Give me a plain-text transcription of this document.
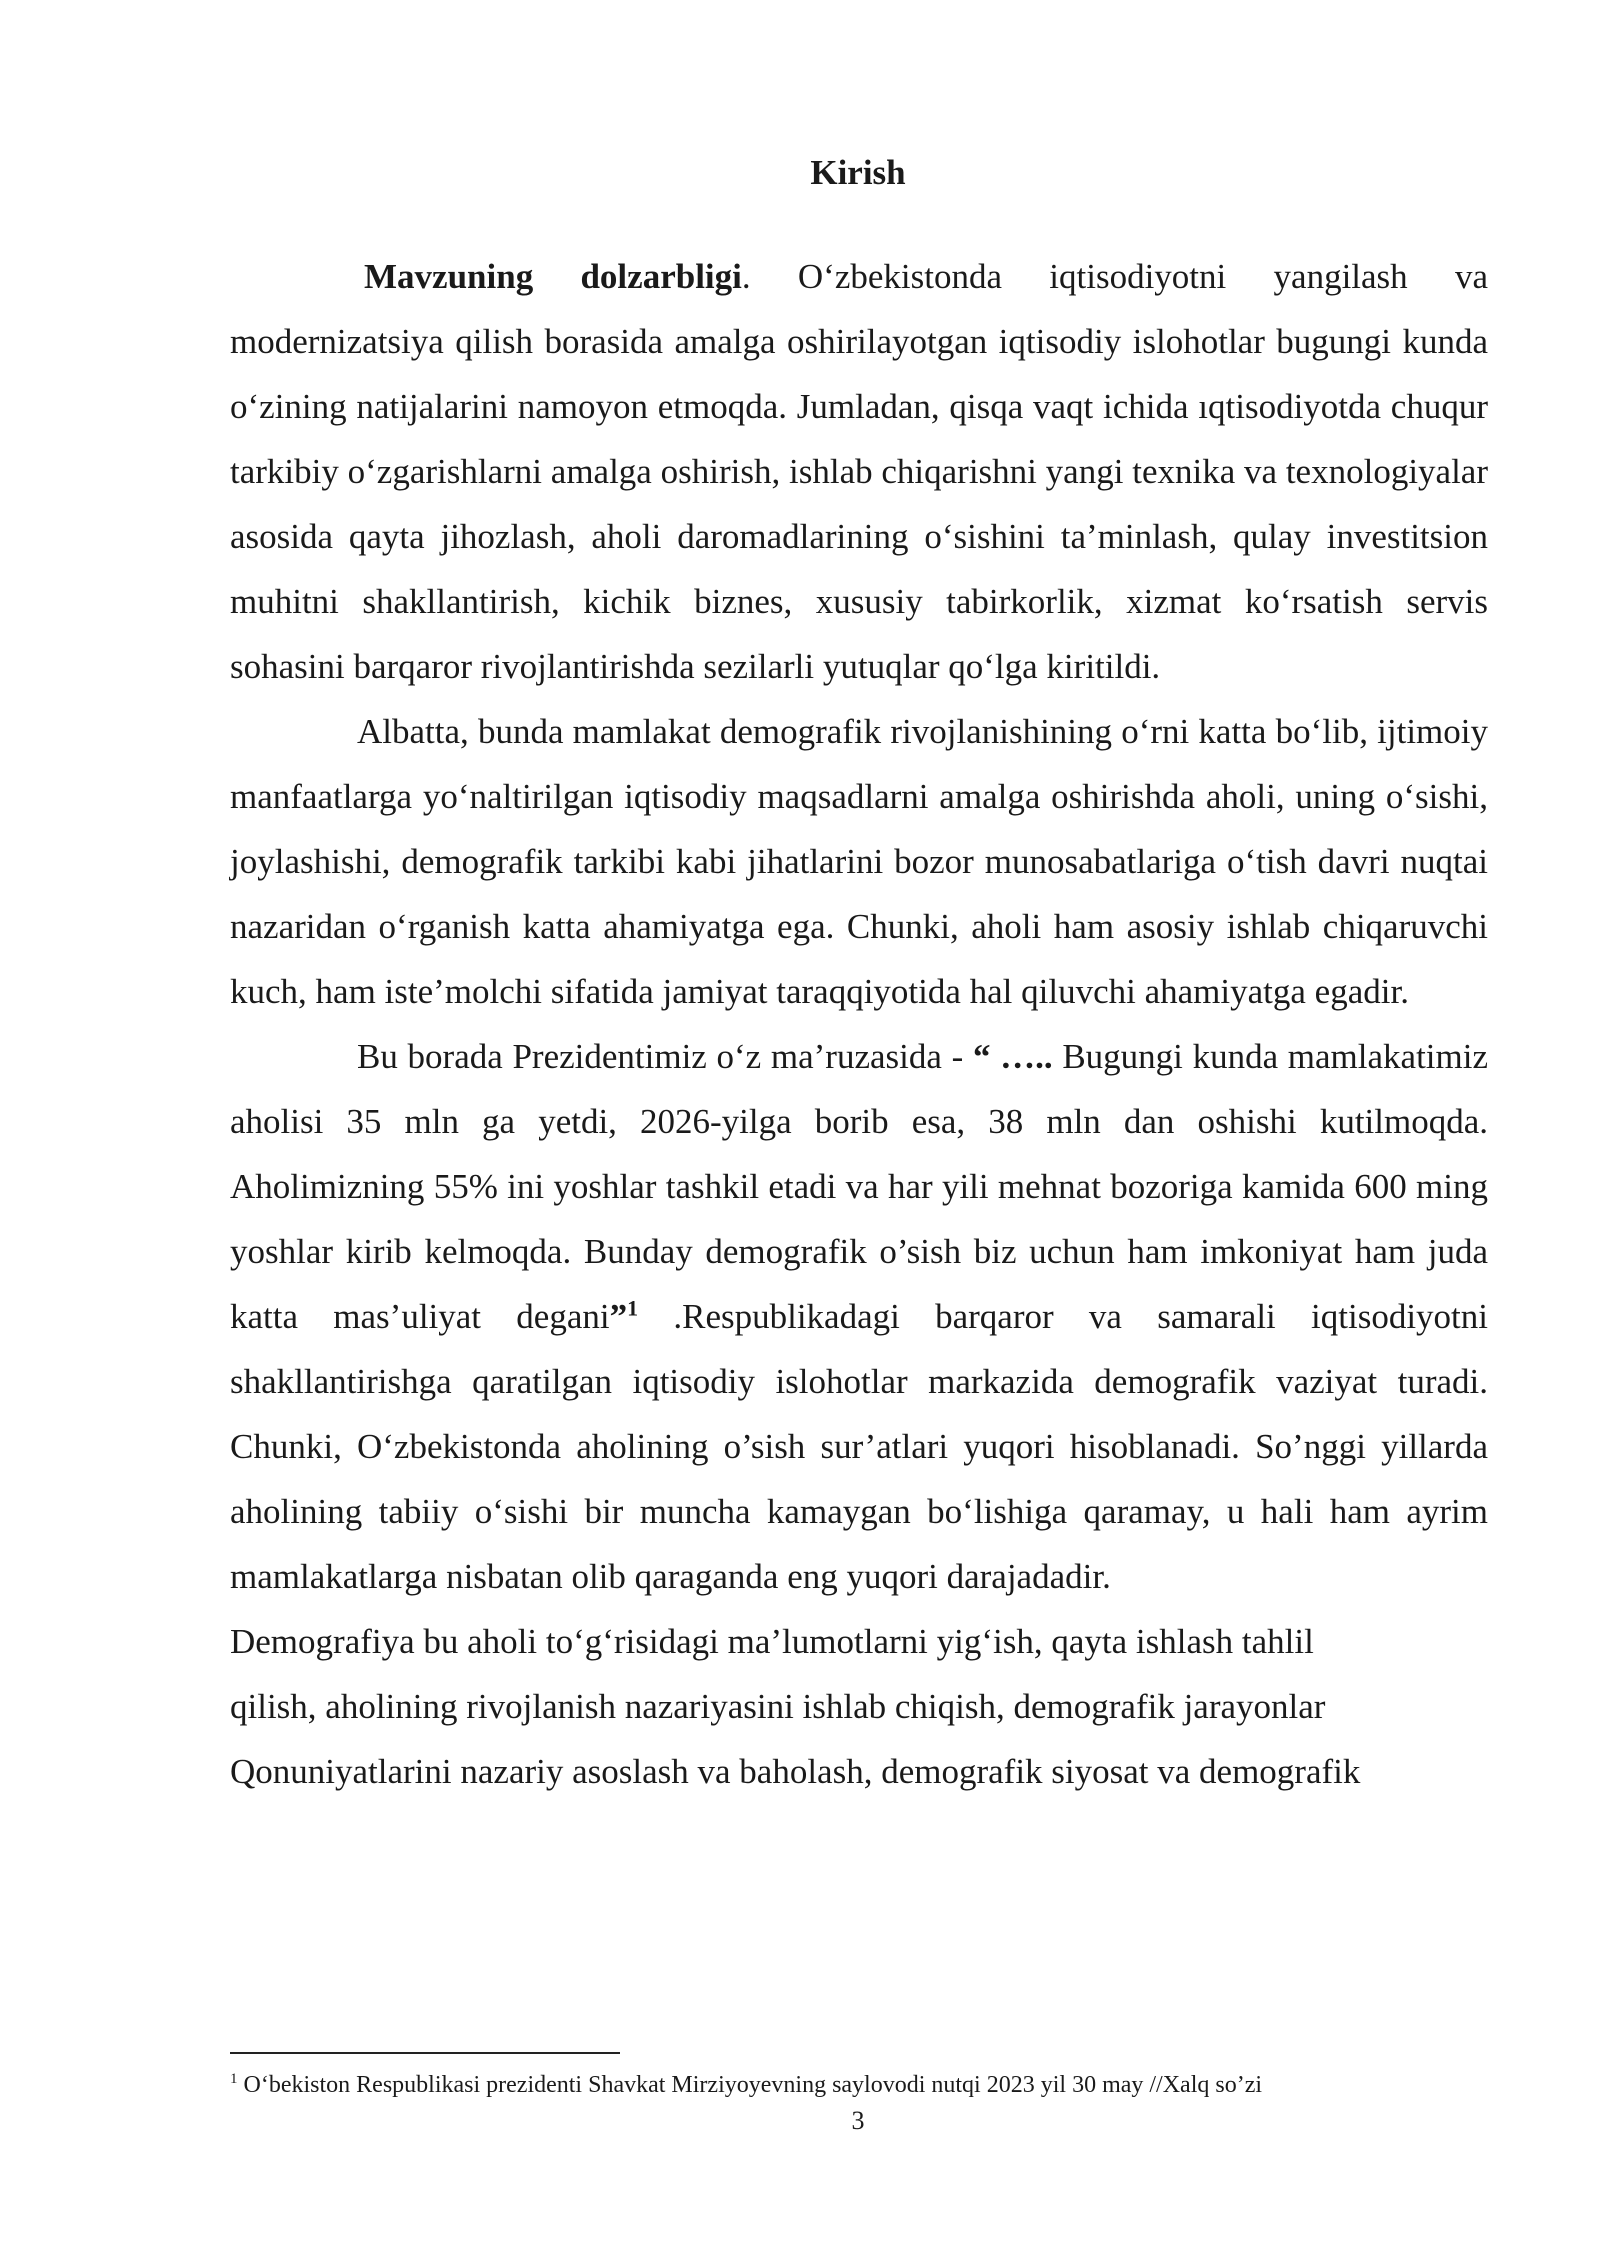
Kirish

Mavzuning dolzarbligi. O‘zbekistonda iqtisodiyotni yangilash va modernizatsiya qilish borasida amalga oshirilayotgan iqtisodiy islohotlar bugungi kunda o‘zining natijalarini namoyon etmoqda. Jumladan, qisqa vaqt ichida ıqtisodiyotda chuqur tarkibiy o‘zgarishlarni amalga oshirish, ishlab chiqarishni yangi texnika va texnologiyalar asosida qayta jihozlash, aholi daromadlarining o‘sishini ta’minlash, qulay investitsion muhitni shakllantirish, kichik biznes, xususiy tabirkorlik, xizmat ko‘rsatish servis sohasini barqaror rivojlantirishda sezilarli yutuqlar qo‘lga kiritildi.

Albatta, bunda mamlakat demografik rivojlanishining o‘rni katta bo‘lib, ijtimoiy manfaatlarga yo‘naltirilgan iqtisodiy maqsadlarni amalga oshirishda aholi, uning o‘sishi, joylashishi, demografik tarkibi kabi jihatlarini bozor munosabatlariga o‘tish davri nuqtai nazaridan o‘rganish katta ahamiyatga ega. Chunki, aholi ham asosiy ishlab chiqaruvchi kuch, ham iste’molchi sifatida jamiyat taraqqiyotida hal qiluvchi ahamiyatga egadir.

Bu borada Prezidentimiz o‘z ma’ruzasida - “ ….. Bugungi kunda mamlakatimiz aholisi 35 mln ga yetdi, 2026-yilga borib esa, 38 mln dan oshishi kutilmoqda. Aholimizning 55% ini yoshlar tashkil etadi va har yili mehnat bozoriga kamida 600 ming yoshlar kirib kelmoqda. Bunday demografik o’sish biz uchun ham imkoniyat ham juda katta mas’uliyat degani”$^1$ .Respublikadagi barqaror va samarali iqtisodiyotni shakllantirishga qaratilgan iqtisodiy islohotlar markazida demografik vaziyat turadi. Chunki, O‘zbekistonda aholining o’sish sur’atlari yuqori hisoblanadi. So’nggi yillarda aholining tabiiy o‘sishi bir muncha kamaygan bo‘lishiga qaramay, u hali ham ayrim mamlakatlarga nisbatan olib qaraganda eng yuqori darajadadir.

Demografiya bu aholi to‘g‘risidagi ma’lumotlarni yig‘ish, qayta ishlash tahlil
qilish, aholining rivojlanish nazariyasini ishlab chiqish, demografik jarayonlar
Qonuniyatlarini nazariy asoslash va baholash, demografik siyosat va demografik

$^1$ O‘bekiston Respublikasi prezidenti Shavkat Mirziyoyevning saylovodi nutqi 2023 yil 30 may //Xalq so’zi
3
